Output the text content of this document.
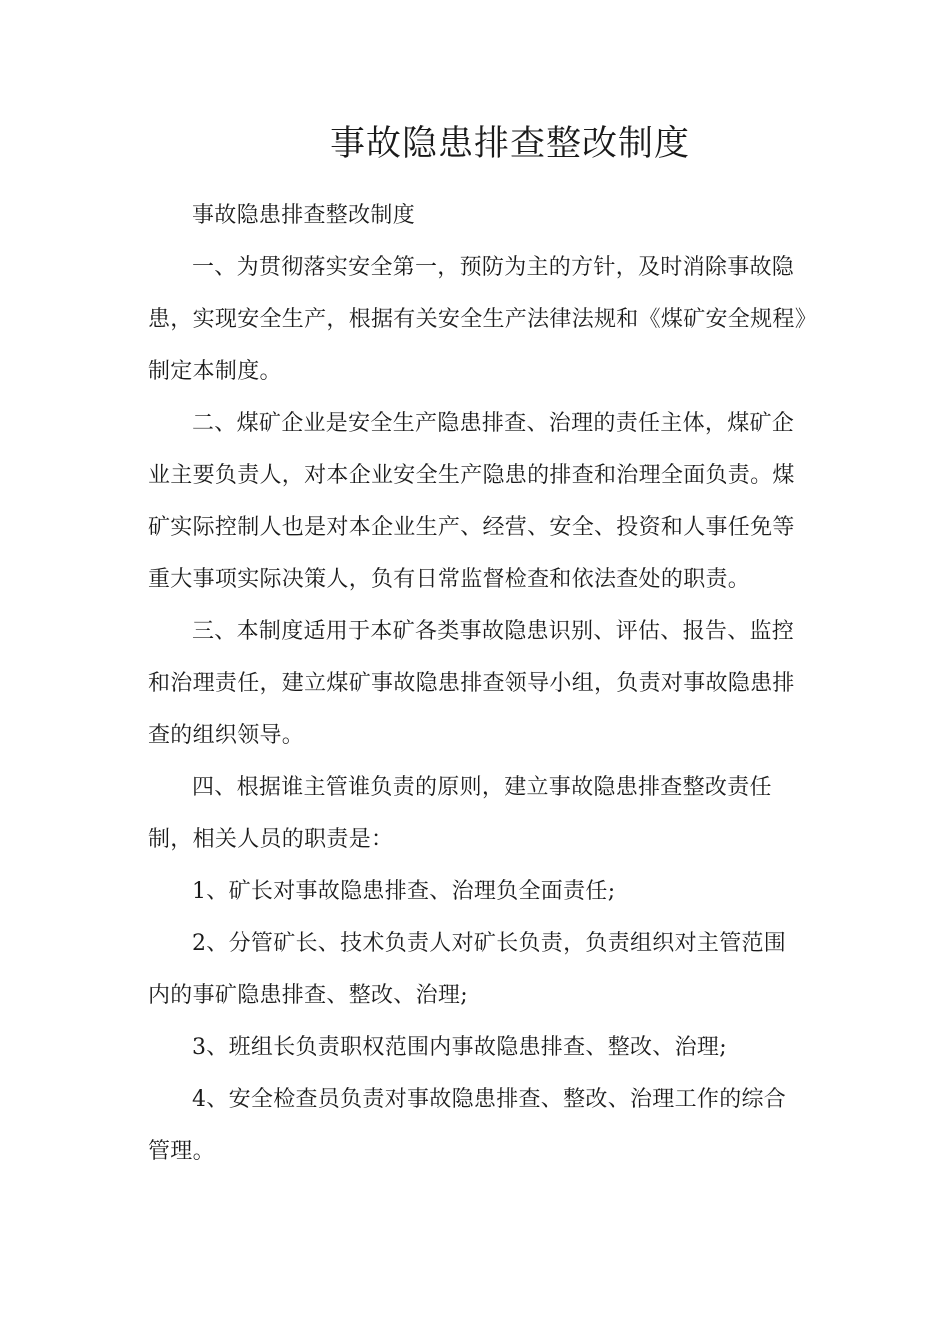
事故隐患排查整改制度

事故隐患排查整改制度

一、为贯彻落实安全第一，预防为主的方针，及时消除事故隐患，实现安全生产，根据有关安全生产法律法规和《煤矿安全规程》制定本制度。

二、煤矿企业是安全生产隐患排查、治理的责任主体，煤矿企业主要负责人，对本企业安全生产隐患的排查和治理全面负责。煤矿实际控制人也是对本企业生产、经营、安全、投资和人事任免等重大事项实际决策人，负有日常监督检查和依法查处的职责。

三、本制度适用于本矿各类事故隐患识别、评估、报告、监控和治理责任，建立煤矿事故隐患排查领导小组，负责对事故隐患排查的组织领导。

四、根据谁主管谁负责的原则，建立事故隐患排查整改责任制，相关人员的职责是：

1、矿长对事故隐患排查、治理负全面责任;

2、分管矿长、技术负责人对矿长负责，负责组织对主管范围内的事矿隐患排查、整改、治理;

3、班组长负责职权范围内事故隐患排查、整改、治理;

4、安全检查员负责对事故隐患排查、整改、治理工作的综合管理。
